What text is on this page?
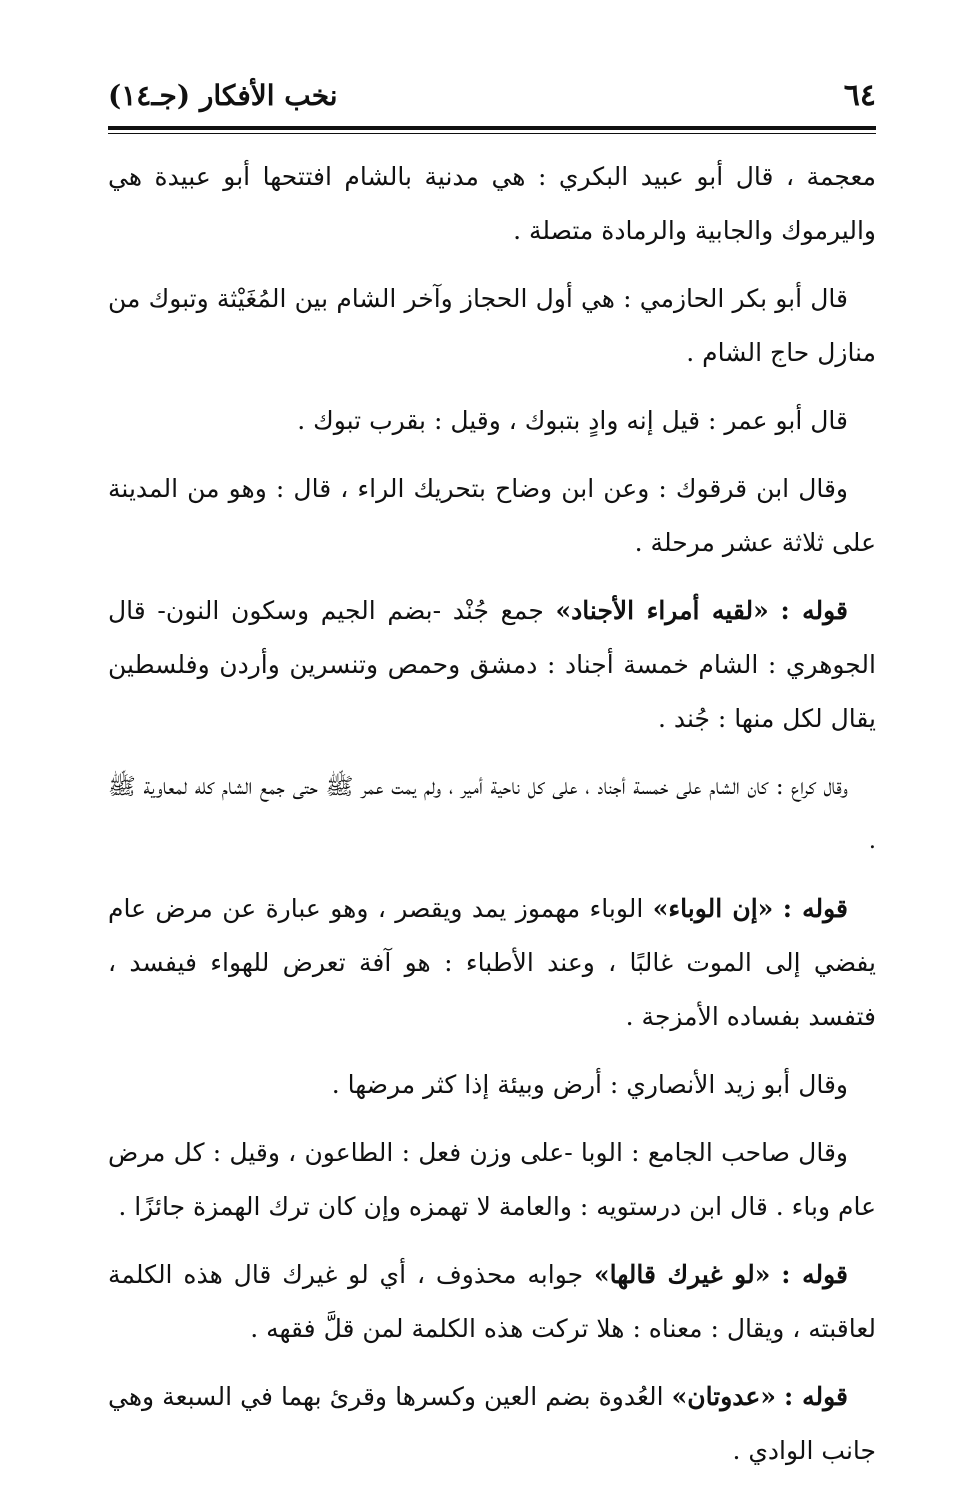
٦٤
نخب الأفكار (جـ١٤)

معجمة ، قال أبو عبيد البكري : هي مدنية بالشام افتتحها أبو عبيدة هي واليرموك والجابية والرمادة متصلة .

قال أبو بكر الحازمي : هي أول الحجاز وآخر الشام بين المُغَيْثة وتبوك من منازل حاج الشام .

قال أبو عمر : قيل إنه وادٍ بتبوك ، وقيل : بقرب تبوك .

وقال ابن قرقوك : وعن ابن وضاح بتحريك الراء ، قال : وهو من المدينة على ثلاثة عشر مرحلة .

قوله : «لقيه أمراء الأجناد» جمع جُنْد -بضم الجيم وسكون النون- قال الجوهري : الشام خمسة أجناد : دمشق وحمص وتنسرين وأردن وفلسطين يقال لكل منها : جُند .

وقال كراع : كان الشام على خمسة أجناد ، على كل ناحية أمير ، ولم يمت عمر ﷺ حتى جمع الشام كله لمعاوية ﷺ .

قوله : «إن الوباء» الوباء مهموز يمد ويقصر ، وهو عبارة عن مرض عام يفضي إلى الموت غالبًا ، وعند الأطباء : هو آفة تعرض للهواء فيفسد ، فتفسد بفساده الأمزجة .

وقال أبو زيد الأنصاري : أرض وبيئة إذا كثر مرضها .

وقال صاحب الجامع : الوبا -على وزن فعل : الطاعون ، وقيل : كل مرض عام وباء . قال ابن درستويه : والعامة لا تهمزه وإن كان ترك الهمزة جائزًا .

قوله : «لو غيرك قالها» جوابه محذوف ، أي لو غيرك قال هذه الكلمة لعاقبته ، ويقال : معناه : هلا تركت هذه الكلمة لمن قلَّ فقهه .

قوله : «عدوتان» العُدوة بضم العين وكسرها وقرئ بهما في السبعة وهي جانب الوادي .
